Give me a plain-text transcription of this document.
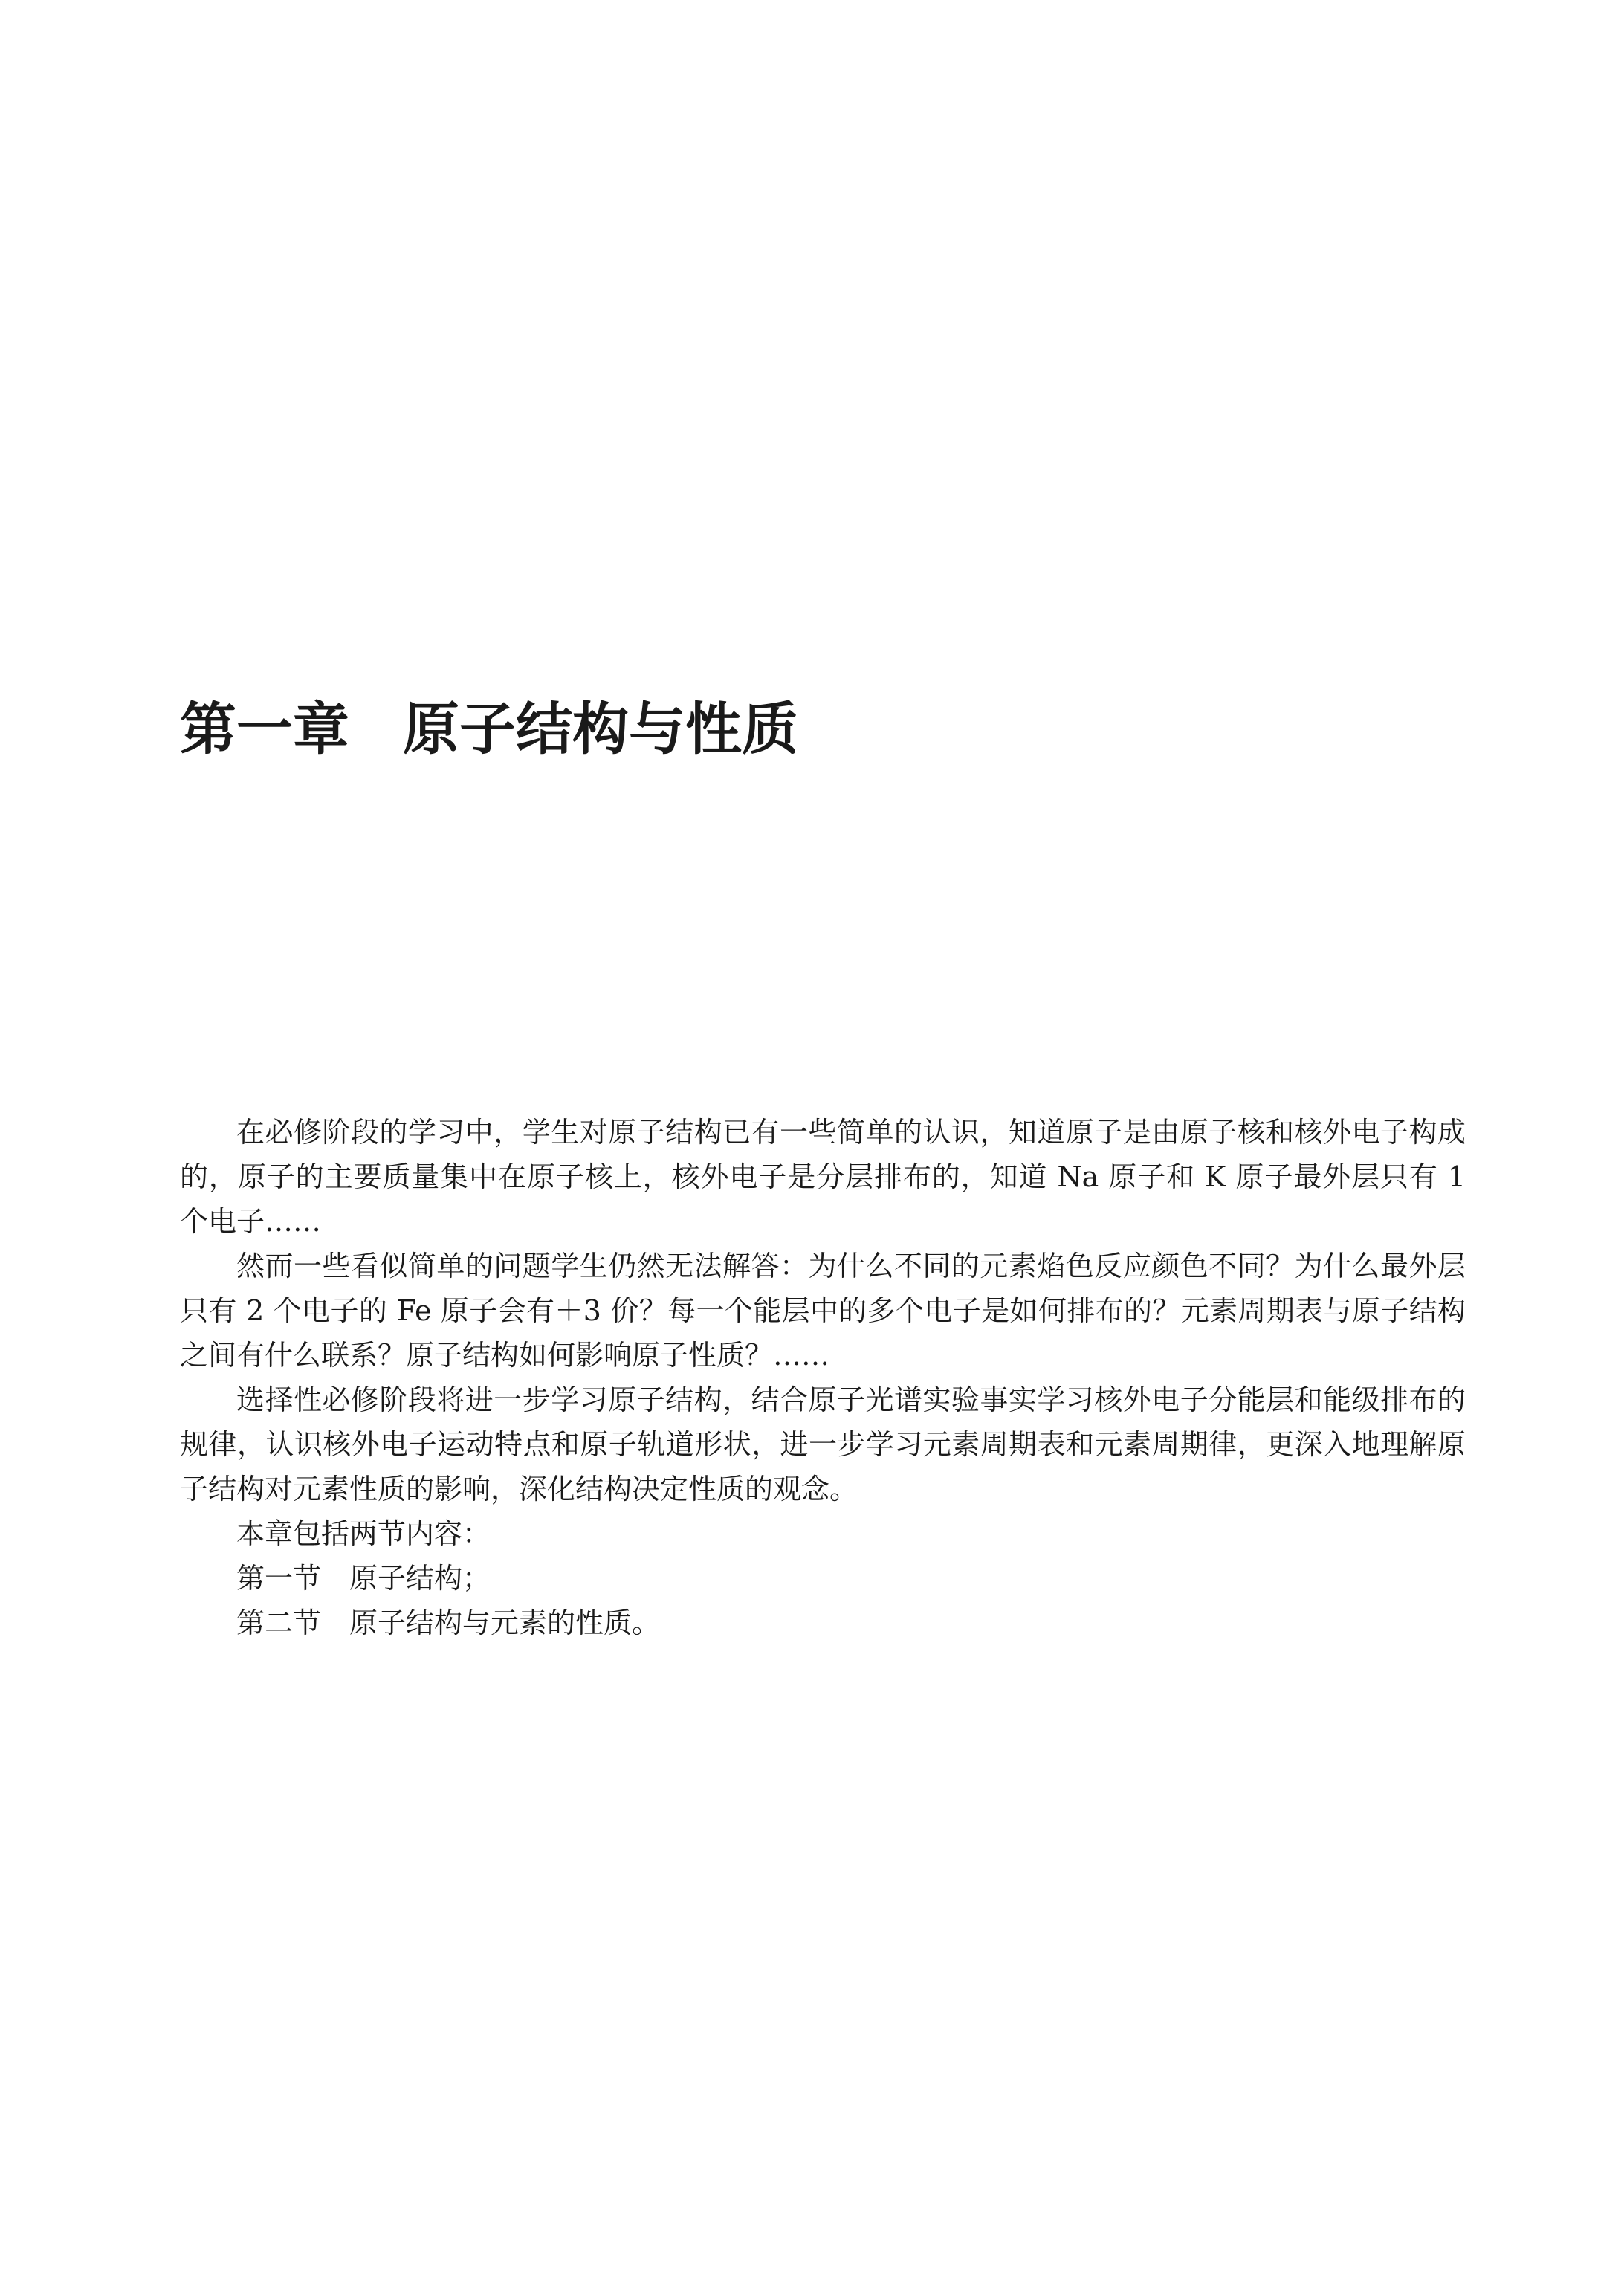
第一章 原子结构与性质

在必修阶段的学习中，学生对原子结构已有一些简单的认识，知道原子是由原子核和核外电子构成的，原子的主要质量集中在原子核上，核外电子是分层排布的，知道 Na 原子和 K 原子最外层只有 1 个电子……

然而一些看似简单的问题学生仍然无法解答：为什么不同的元素焰色反应颜色不同？为什么最外层只有 2 个电子的 Fe 原子会有＋3 价？每一个能层中的多个电子是如何排布的？元素周期表与原子结构之间有什么联系？原子结构如何影响原子性质？……

选择性必修阶段将进一步学习原子结构，结合原子光谱实验事实学习核外电子分能层和能级排布的规律，认识核外电子运动特点和原子轨道形状，进一步学习元素周期表和元素周期律，更深入地理解原子结构对元素性质的影响，深化结构决定性质的观念。

本章包括两节内容：

第一节 原子结构；

第二节 原子结构与元素的性质。
